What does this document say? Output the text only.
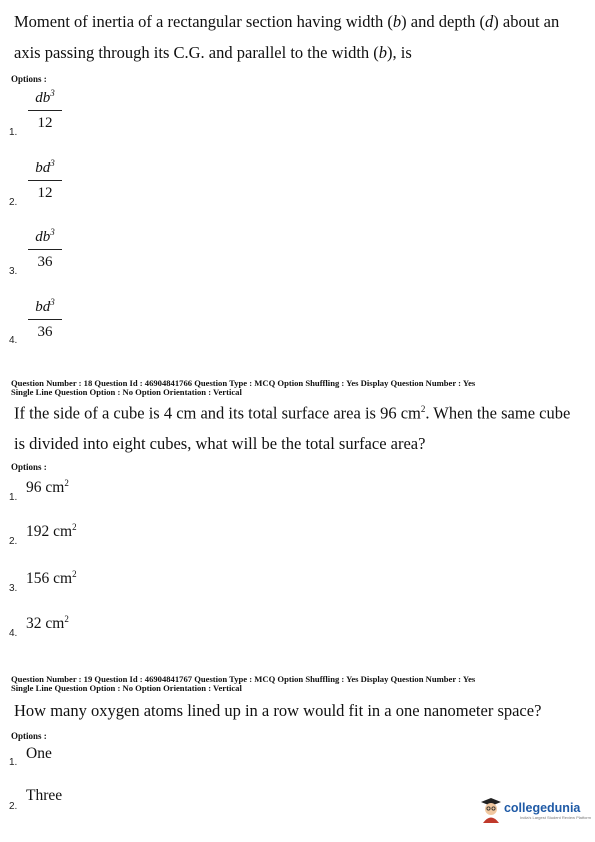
Moment of inertia of a rectangular section having width (b) and depth (d) about an
axis passing through its C.G. and parallel to the width (b), is
Options :
$db^3$
12
1.
$bd^3$
12
2.
$db^3$
36
3.
$bd^3$
36
4.
Question Number : 18 Question Id : 46904841766 Question Type : MCQ Option Shuffling : Yes Display Question Number : Yes
Single Line Question Option : No Option Orientation : Vertical
If the side of a cube is 4 cm and its total surface area is 96 $cm^2$. When the same cube
is divided into eight cubes, what will be the total surface area?
Options :
96 $cm^2$
1.
192 $cm^2$
2.
156 $cm^2$
3.
32 $cm^2$
4.
Question Number : 19 Question Id : 46904841767 Question Type : MCQ Option Shuffling : Yes Display Question Number : Yes
Single Line Question Option : No Option Orientation : Vertical
How many oxygen atoms lined up in a row would fit in a one nanometer space?
Options :
One
1.
Three
2.	collegedunia
India's Largest Student Review Platform
